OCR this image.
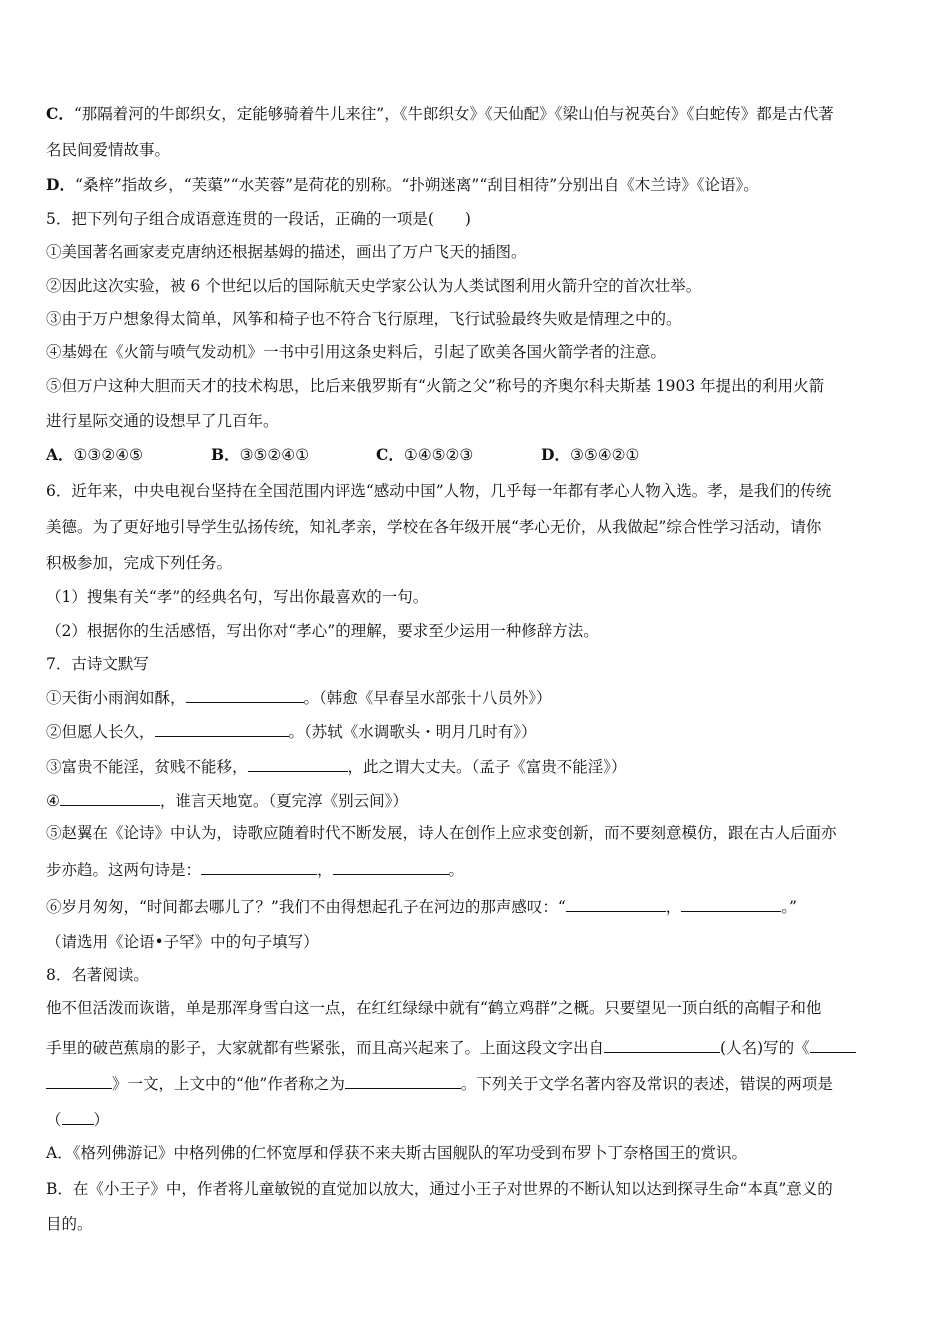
C．“那隔着河的牛郎织女，定能够骑着牛儿来往”，《牛郎织女》《天仙配》《梁山伯与祝英台》《白蛇传》都是古代著
名民间爱情故事。
D．“桑梓”指故乡，“芙蕖”“水芙蓉”是荷花的别称。“扑朔迷离”“刮目相待”分别出自《木兰诗》《论语》。
5．把下列句子组合成语意连贯的一段话，正确的一项是(　　)
①美国著名画家麦克唐纳还根据基姆的描述，画出了万户飞天的插图。
②因此这次实验，被 6 个世纪以后的国际航天史学家公认为人类试图利用火箭升空的首次壮举。
③由于万户想象得太简单，风筝和椅子也不符合飞行原理，飞行试验最终失败是情理之中的。
④基姆在《火箭与喷气发动机》一书中引用这条史料后，引起了欧美各国火箭学者的注意。
⑤但万户这种大胆而天才的技术构思，比后来俄罗斯有“火箭之父”称号的齐奥尔科夫斯基 1903 年提出的利用火箭
进行星际交通的设想早了几百年。
A．①③②④⑤	B．③⑤②④①	C．①④⑤②③	D．③⑤④②①
6．近年来，中央电视台坚持在全国范围内评选“感动中国”人物，几乎每一年都有孝心人物入选。孝，是我们的传统
美德。为了更好地引导学生弘扬传统，知礼孝亲，学校在各年级开展“孝心无价，从我做起”综合性学习活动，请你
积极参加，完成下列任务。
（1）搜集有关“孝”的经典名句，写出你最喜欢的一句。
（2）根据你的生活感悟，写出你对“孝心”的理解，要求至少运用一种修辞方法。
7．古诗文默写
①天街小雨润如酥，	。（韩愈《早春呈水部张十八员外》）
②但愿人长久，	。（苏轼《水调歌头・明月几时有》）
③富贵不能淫，贫贱不能移，	，此之谓大丈夫。（孟子《富贵不能淫》）
④	，谁言天地宽。（夏完淳《别云间》）
⑤赵翼在《论诗》中认为，诗歌应随着时代不断发展，诗人在创作上应求变创新，而不要刻意模仿，跟在古人后面亦
步亦趋。这两句诗是：	，	。
⑥岁月匆匆，“时间都去哪儿了？”我们不由得想起孔子在河边的那声感叹：“	，	。”
（请选用《论语•子罕》中的句子填写）
8．名著阅读。
他不但活泼而诙谐，单是那浑身雪白这一点，在红红绿绿中就有“鹤立鸡群”之概。只要望见一顶白纸的高帽子和他
手里的破芭蕉扇的影子，大家就都有些紧张，而且高兴起来了。上面这段文字出自	(人名)写的《
》一文，上文中的“他”作者称之为	。下列关于文学名著内容及常识的表述，错误的两项是
（ ）
A．《格列佛游记》中格列佛的仁怀宽厚和俘获不来夫斯古国舰队的军功受到布罗卜丁奈格国王的赏识。
B．在《小王子》中，作者将儿童敏锐的直觉加以放大，通过小王子对世界的不断认知以达到探寻生命“本真”意义的
目的。
